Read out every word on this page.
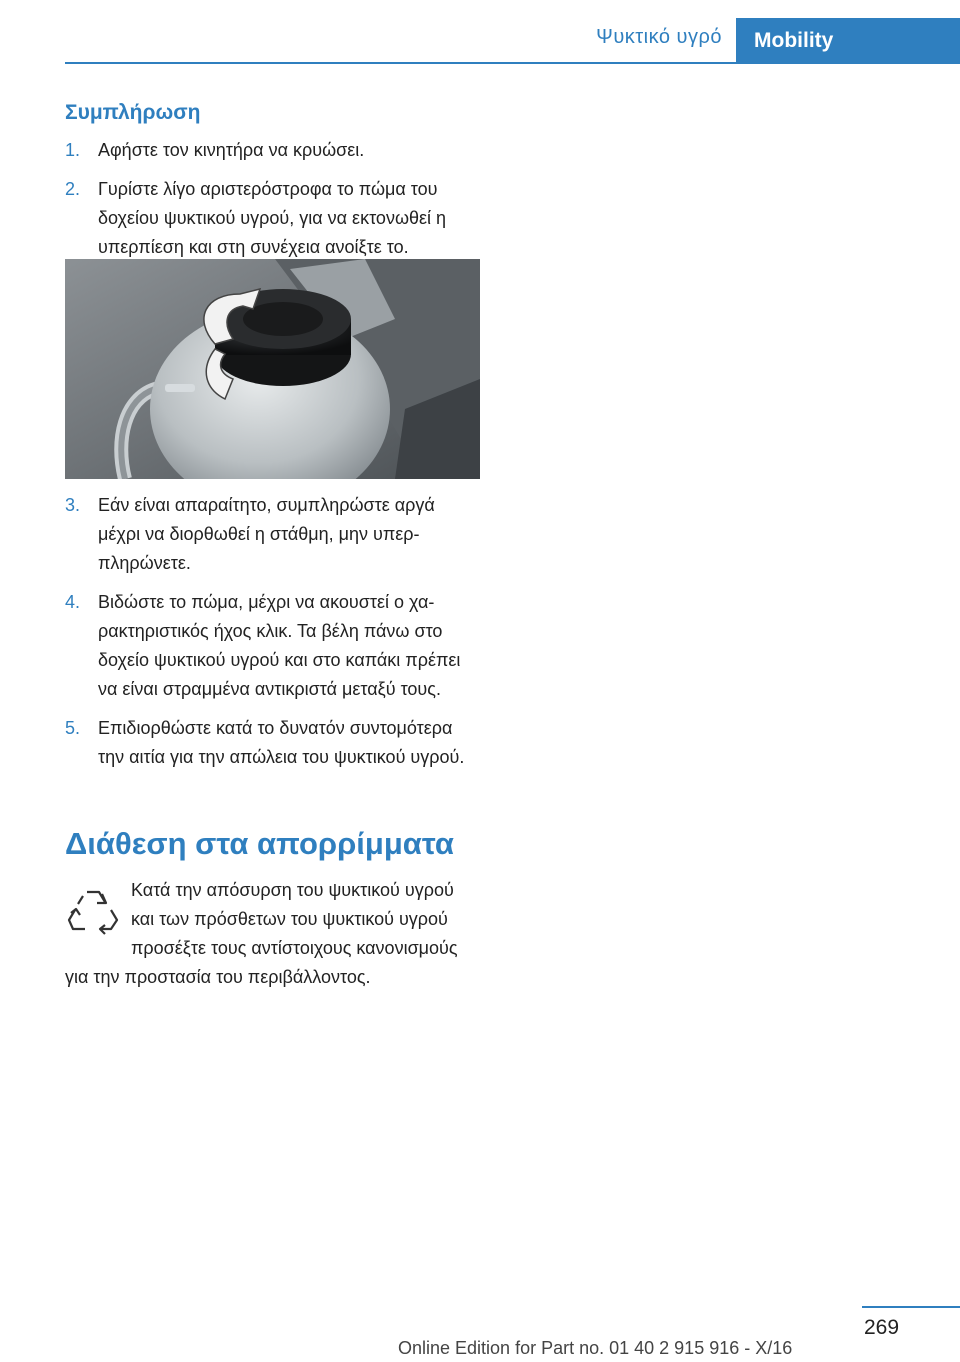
Ψυκτικό υγρό	Mobility
Συμπλήρωση
1. Αφήστε τον κινητήρα να κρυώσει.
2. Γυρίστε λίγο αριστερόστροφα το πώμα του δοχείου ψυκτικού υγρού, για να εκτονωθεί η υπερπίεση και στη συνέχεια ανοίξτε το.
3. Εάν είναι απαραίτητο, συμπληρώστε αργά μέχρι να διορθωθεί η στάθμη, μην υπερπληρώνετε.
4. Βιδώστε το πώμα, μέχρι να ακουστεί ο χαρακτηριστικός ήχος κλικ. Τα βέλη πάνω στο δοχείο ψυκτικού υγρού και στο καπάκι πρέπει να είναι στραμμένα αντικριστά μεταξύ τους.
5. Επιδιορθώστε κατά το δυνατόν συντομότερα την αιτία για την απώλεια του ψυκτικού υγρού.
Διάθεση στα απορρίμματα
Κατά την απόσυρση του ψυκτικού υγρού και των πρόσθετων του ψυκτικού υγρού προσέξτε τους αντίστοιχους κανονισμούς για την προστασία του περιβάλλοντος.
269
Online Edition for Part no. 01 40 2 915 916 - X/16
